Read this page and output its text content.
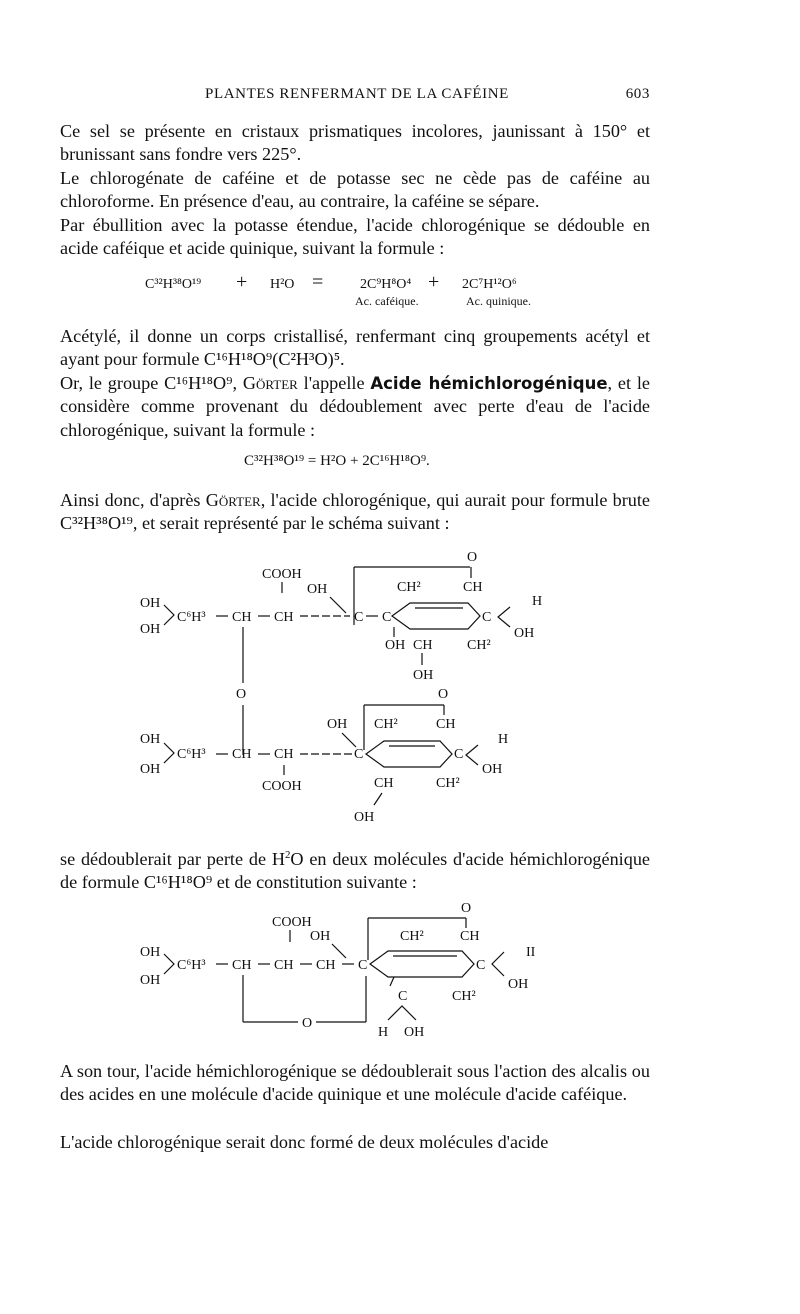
PLANTES RENFERMANT DE LA CAFÉINE	603

Ce sel se présente en cristaux prismatiques incolores, jaunissant à 150° et brunissant sans fondre vers 225°.

Le chlorogénate de caféine et de potasse sec ne cède pas de caféine au chloroforme. En présence d'eau, au contraire, la caféine se sépare.

Par ébullition avec la potasse étendue, l'acide chlorogénique se dédouble en acide caféique et acide quinique, suivant la formule :

C³²H³⁸O¹⁹ + H²O =	2C⁹H⁸O⁴ + 2C⁷H¹²O⁶
Ac. caféique.	Ac. quinique.

Acétylé, il donne un corps cristallisé, renfermant cinq groupements acétyl et ayant pour formule C¹⁶H¹⁸O⁹(C²H³O)⁵.

Or, le groupe C¹⁶H¹⁸O⁹, Görter l'appelle Acide hémichlorogénique, et le considère comme provenant du dédoublement avec perte d'eau de l'acide chlorogénique, suivant la formule :

C³²H³⁸O¹⁹ = H²O + 2C¹⁶H¹⁸O⁹.

Ainsi donc, d'après Görter, l'acide chlorogénique, qui aurait pour formule brute C³²H³⁸O¹⁹, et serait représenté par le schéma suivant :

O
COOH
OH	CH²	CH
OH	H
C⁶H³ CH CH	C C	C
OH	OH
OH CH CH²
OH
O	O
OH CH²	CH
OH	H
C⁶H³ CH CH	C	C
OH	OH
CH	CH²
COOH
OH

se dédoublerait par perte de $H^2O$ en deux molécules d'acide hémichlorogénique de formule C¹⁶H¹⁸O⁹ et de constitution suivante :

O
COOH
OH	CH²	CH
OH	II
C⁶H³ CH CH CH C	C
OH	OH
O
C	CH²
H OH

A son tour, l'acide hémichlorogénique se dédoublerait sous l'action des alcalis ou des acides en une molécule d'acide quinique et une molécule d'acide caféique.

L'acide chlorogénique serait donc formé de deux molécules d'acide
